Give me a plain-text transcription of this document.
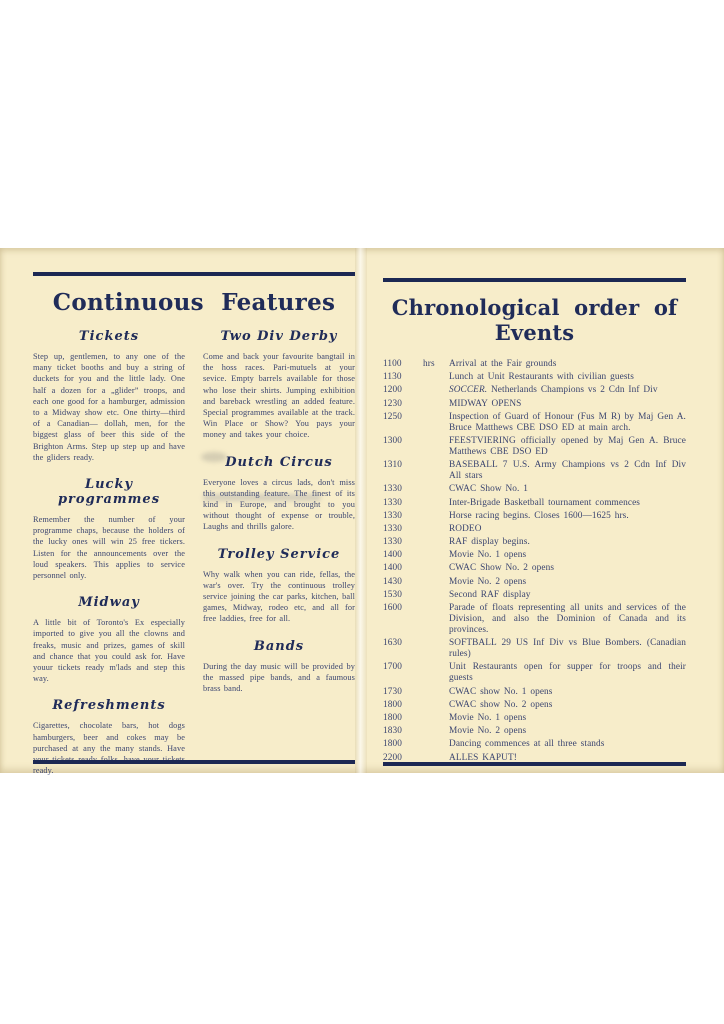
Continuous Features
Tickets

Step up, gentlemen, to any one of the many ticket booths and buy a string of duckets for you and the little lady. One half a dozen for a „glider” troops, and each one good for a hamburger, admission to a Midway show etc. One thirty—third of a Canadian— dollah, men, for the biggest glass of beer this side of the Brighton Arms. Step up step up and have the gliders ready.

Lucky programmes

Remember the number of your programme chaps, because the holders of the lucky ones will win 25 free tickers. Listen for the announcements over the loud speakers. This applies to service personnel only.

Midway

A little bit of Toronto's Ex especially imported to give you all the clowns and freaks, music and prizes, games of skill and chance that you could ask for. Have youur tickets ready m'lads and step this way.

Refreshments

Cigarettes, chocolate bars, hot dogs hamburgers, beer and cokes may be purchased at any the many stands. Have your tickets ready folks, have your tickets ready.

Two Div Derby

Come and back your favourite bangtail in the hoss races. Pari-mutuels at your sevice. Empty barrels available for those who lose their shirts. Jumping exhibition and bareback wrestling an added feature. Special programmes available at the track. Win Place or Show? You pays your money and takes your choice.

Dutch Circus

Everyone loves a circus lads, don't miss this outstanding feature. The finest of its kind in Europe, and brought to you without thought of expense or trouble, Laughs and thrills galore.

Trolley Service

Why walk when you can ride, fellas, the war's over. Try the continuous trolley service joining the car parks, kitchen, ball games, Midway, rodeo etc, and all for free laddies, free for all.

Bands

During the day music will be provided by the massed pipe bands, and a faumous brass band.

Chronological order of Events
1100	hrs	Arrival at the Fair grounds
1130	Lunch at Unit Restaurants with civilian guests
1200	SOCCER. Netherlands Champions vs 2 Cdn Inf Div
1230	MIDWAY OPENS
1250	Inspection of Guard of Honour (Fus M R) by Maj Gen A. Bruce Matthews CBE DSO ED at main arch.
1300	FEESTVIERING officially opened by Maj Gen A. Bruce Matthews CBE DSO ED
1310	BASEBALL 7 U.S. Army Champions vs 2 Cdn Inf Div All stars
1330	CWAC Show No. 1
1330	Inter-Brigade Basketball tournament commences
1330	Horse racing begins. Closes 1600—1625 hrs.
1330	RODEO
1330	RAF display begins.
1400	Movie No. 1 opens
1400	CWAC Show No. 2 opens
1430	Movie No. 2 opens
1530	Second RAF display
1600	Parade of floats representing all units and services of the Division, and also the Dominion of Canada and its provinces.
1630	SOFTBALL 29 US Inf Div vs Blue Bombers. (Canadian rules)
1700	Unit Restaurants open for supper for troops and their guests
1730	CWAC show No. 1 opens
1800	CWAC show No. 2 opens
1800	Movie No. 1 opens
1830	Movie No. 2 opens
1800	Dancing commences at all three stands
2200	ALLES KAPUT!
